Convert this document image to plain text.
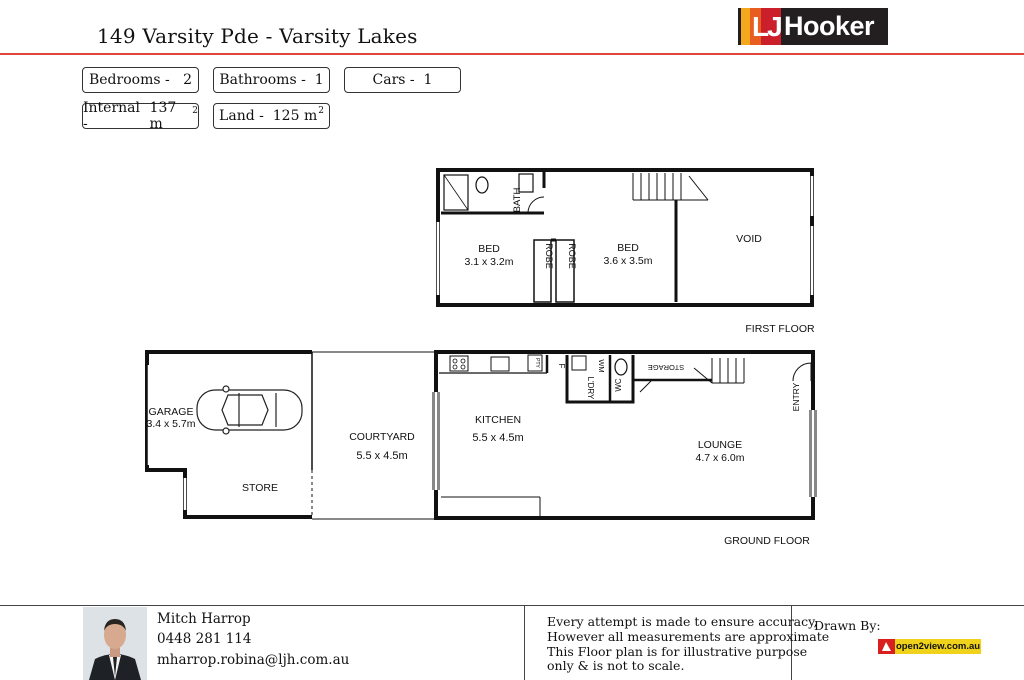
149 Varsity Pde - Varsity Lakes	LJ Hooker
Bedrooms -
2 Bathrooms -
1	Cars -
1
Internal -

137 m
$^2$ Land -
125 $m^2$
BATH
BED
3.1 x 3.2m	ROBE ROBE	BED
3.6 x 3.5m
VOID
FIRST FLOOR
GARAGE
3.4 x 5.7m
STORE
COURTYARD
5.5 x 4.5m
KITCHEN
5.5 x 4.5m
PTY F
L'DRY
WM
WC
STORAGE
LOUNGE
4.7 x 6.0m
ENTRY
GROUND FLOOR
Mitch Harrop
0448 281 114
mharrop.robina@ljh.com.au
Every attempt is made to ensure accuracy,
However all measurements are approximate
This Floor plan is for illustrative purpose
only & is not to scale.
Drawn By:
open2view.com.au
